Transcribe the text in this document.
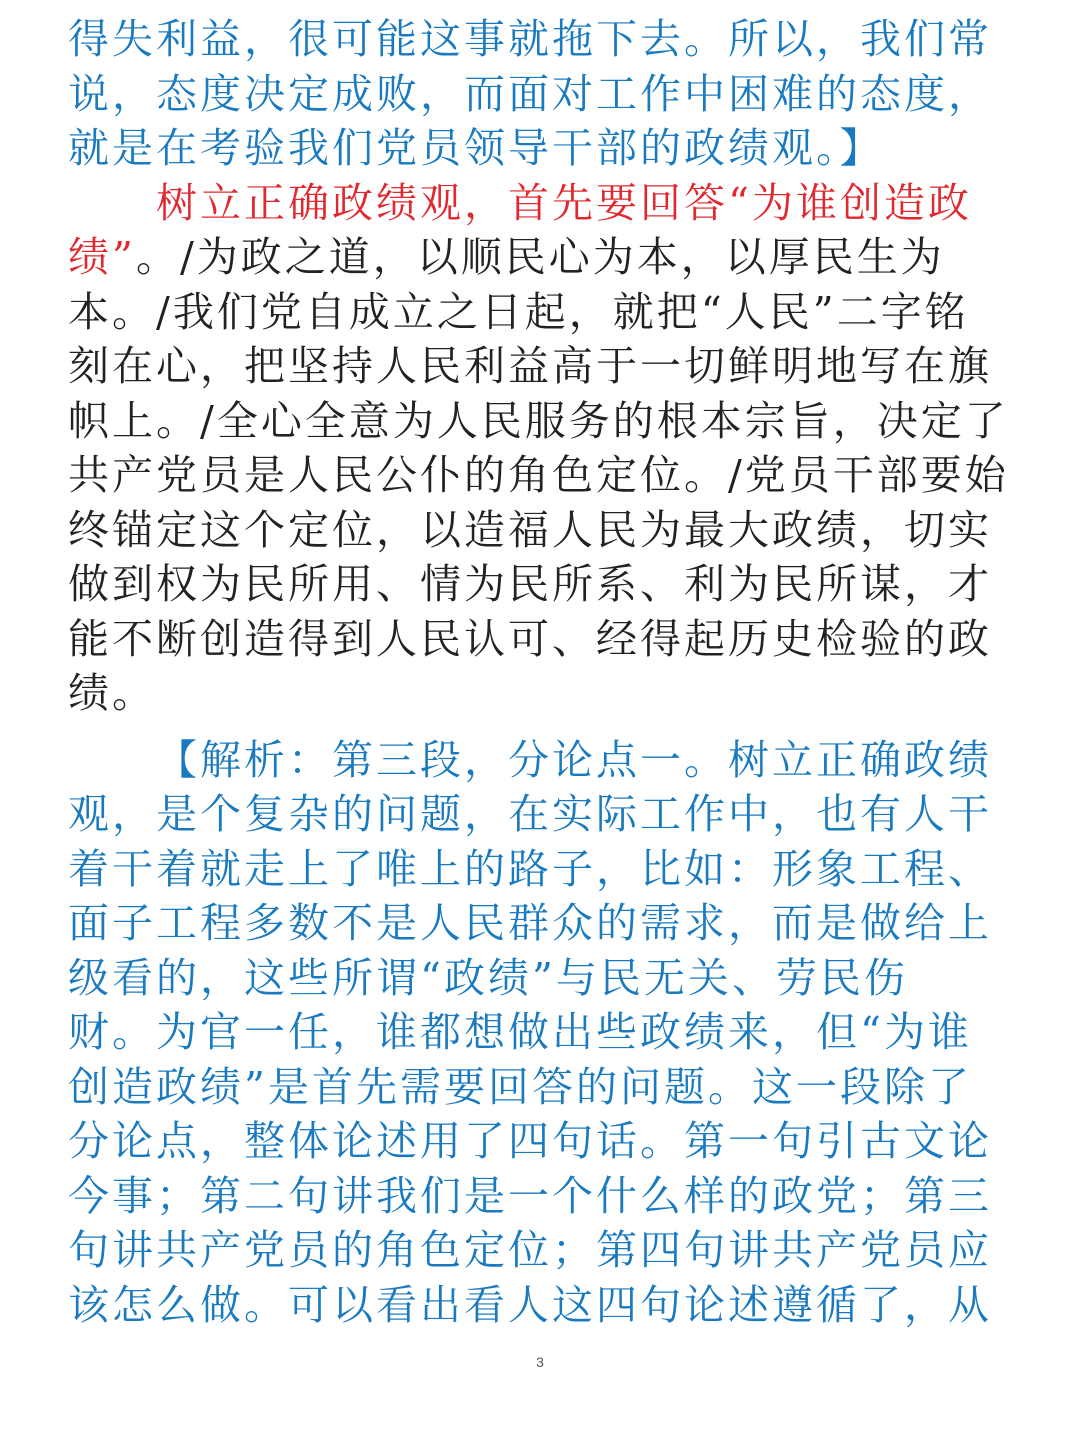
得失利益，很可能这事就拖下去。所以，我们常
说，态度决定成败，而面对工作中困难的态度，
就是在考验我们党员领导干部的政绩观。】
树立正确政绩观，首先要回答“为谁创造政
绩”。/为政之道，以顺民心为本，以厚民生为
本。/我们党自成立之日起，就把“人民”二字铭
刻在心，把坚持人民利益高于一切鲜明地写在旗
帜上。/全心全意为人民服务的根本宗旨，决定了
共产党员是人民公仆的角色定位。/党员干部要始
终锚定这个定位，以造福人民为最大政绩，切实
做到权为民所用、情为民所系、利为民所谋，才
能不断创造得到人民认可、经得起历史检验的政
绩。
【解析：第三段，分论点一。树立正确政绩
观，是个复杂的问题，在实际工作中，也有人干
着干着就走上了唯上的路子，比如：形象工程、
面子工程多数不是人民群众的需求，而是做给上
级看的，这些所谓“政绩”与民无关、劳民伤
财。为官一任，谁都想做出些政绩来，但“为谁
创造政绩”是首先需要回答的问题。这一段除了
分论点，整体论述用了四句话。第一句引古文论
今事；第二句讲我们是一个什么样的政党；第三
句讲共产党员的角色定位；第四句讲共产党员应
该怎么做。可以看出看人这四句论述遵循了，从
3
